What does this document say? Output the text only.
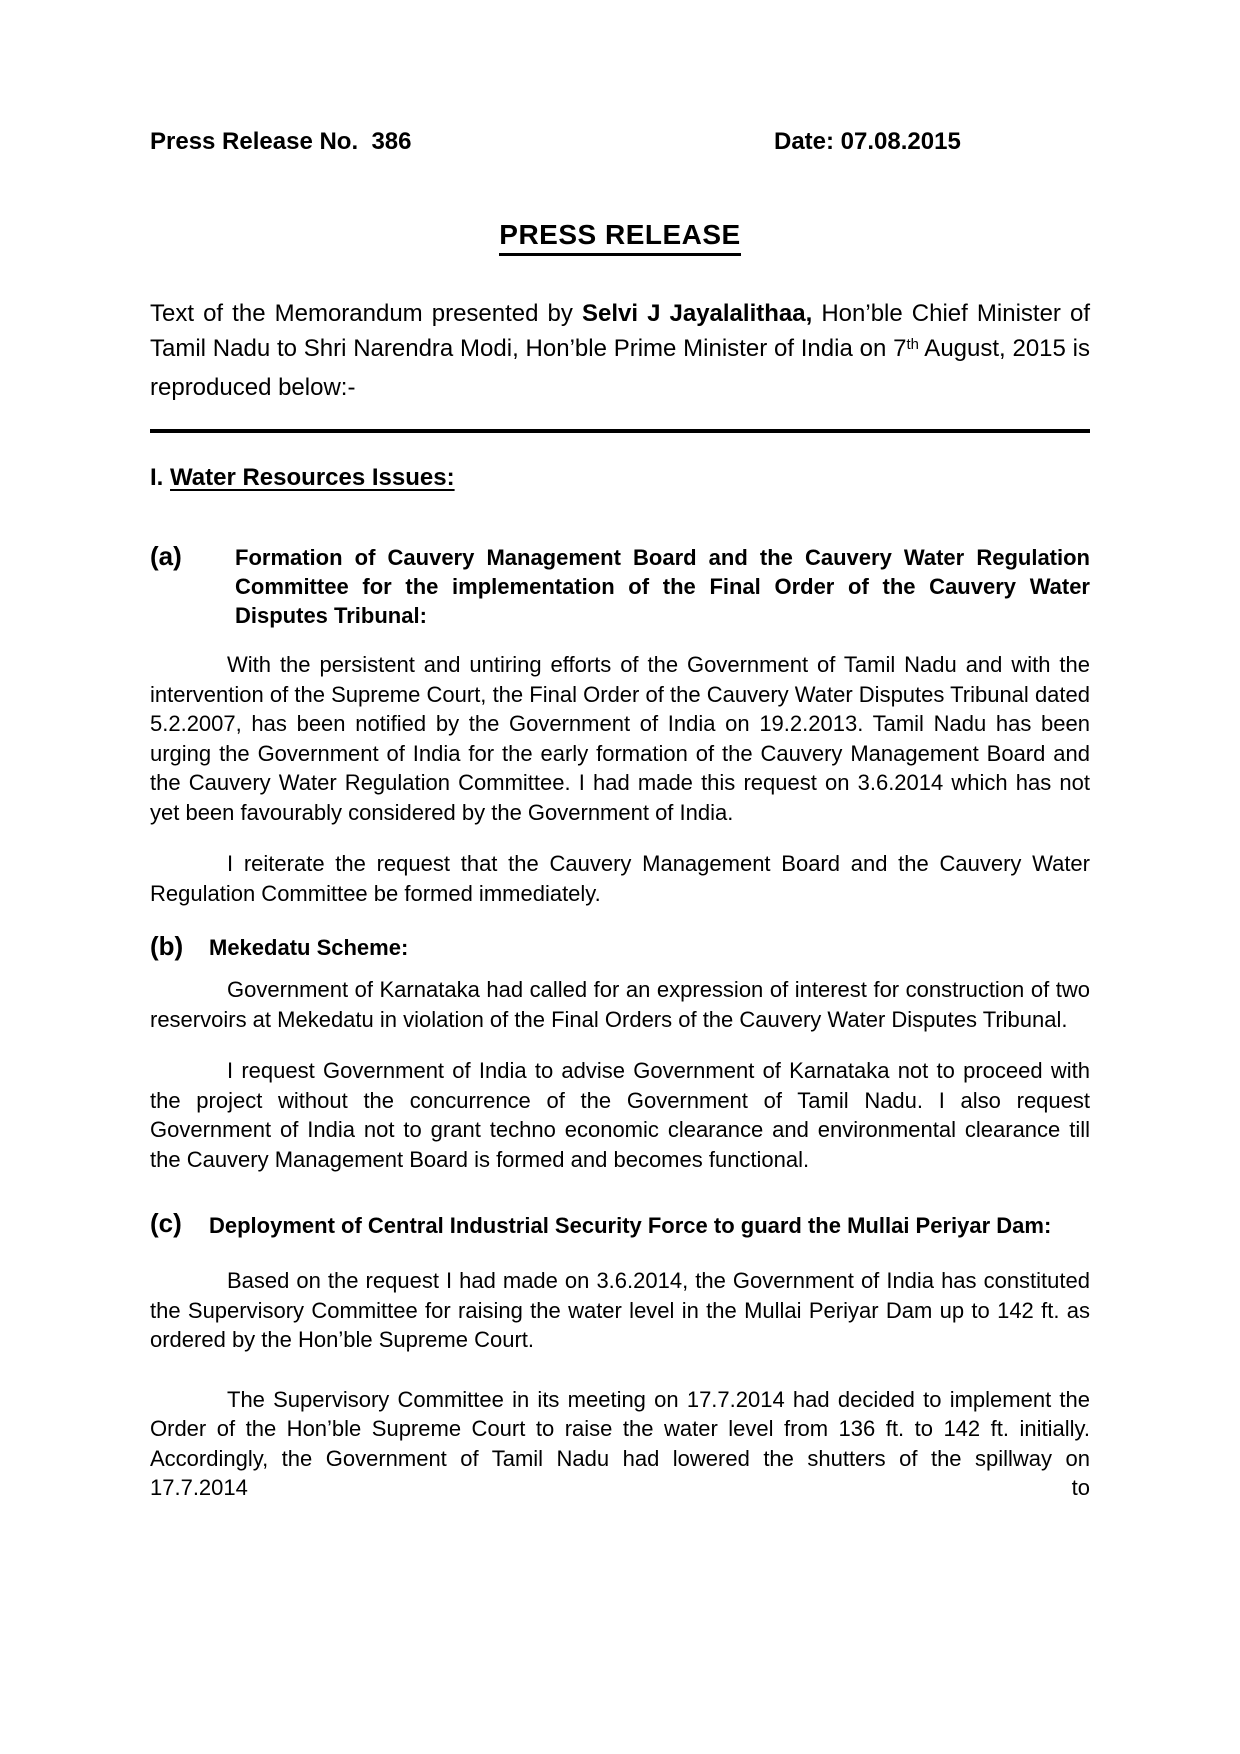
Press Release No.  386	Date: 07.08.2015
PRESS RELEASE

Text of the Memorandum presented by Selvi J Jayalalithaa, Hon’ble Chief Minister of Tamil Nadu to Shri Narendra Modi, Hon’ble Prime Minister of India on 7th August, 2015 is reproduced below:-

I. Water Resources Issues:
(a) Formation of Cauvery Management Board and the Cauvery Water Regulation Committee for the implementation of the Final Order of the Cauvery Water Disputes Tribunal:

With the persistent and untiring efforts of the Government of Tamil Nadu and with the intervention of the Supreme Court, the Final Order of the Cauvery Water Disputes Tribunal dated 5.2.2007, has been notified by the Government of India on 19.2.2013. Tamil Nadu has been urging the Government of India for the early formation of the Cauvery Management Board and the Cauvery Water Regulation Committee. I had made this request on 3.6.2014 which has not yet been favourably considered by the Government of India.

I reiterate the request that the Cauvery Management Board and the Cauvery Water Regulation Committee be formed immediately.

(b) Mekedatu Scheme:

Government of Karnataka had called for an expression of interest for construction of two reservoirs at Mekedatu in violation of the Final Orders of the Cauvery Water Disputes Tribunal.

I request Government of India to advise Government of Karnataka not to proceed with the project without the concurrence of the Government of Tamil Nadu. I also request Government of India not to grant techno economic clearance and environmental clearance till the Cauvery Management Board is formed and becomes functional.

(c) Deployment of Central Industrial Security Force to guard the Mullai Periyar Dam:

Based on the request I had made on 3.6.2014, the Government of India has constituted the Supervisory Committee for raising the water level in the Mullai Periyar Dam up to 142 ft. as ordered by the Hon’ble Supreme Court.

The Supervisory Committee in its meeting on 17.7.2014 had decided to implement the Order of the Hon’ble Supreme Court to raise the water level from 136 ft. to 142 ft. initially. Accordingly, the Government of Tamil Nadu had lowered the shutters of the spillway on 17.7.2014 to
